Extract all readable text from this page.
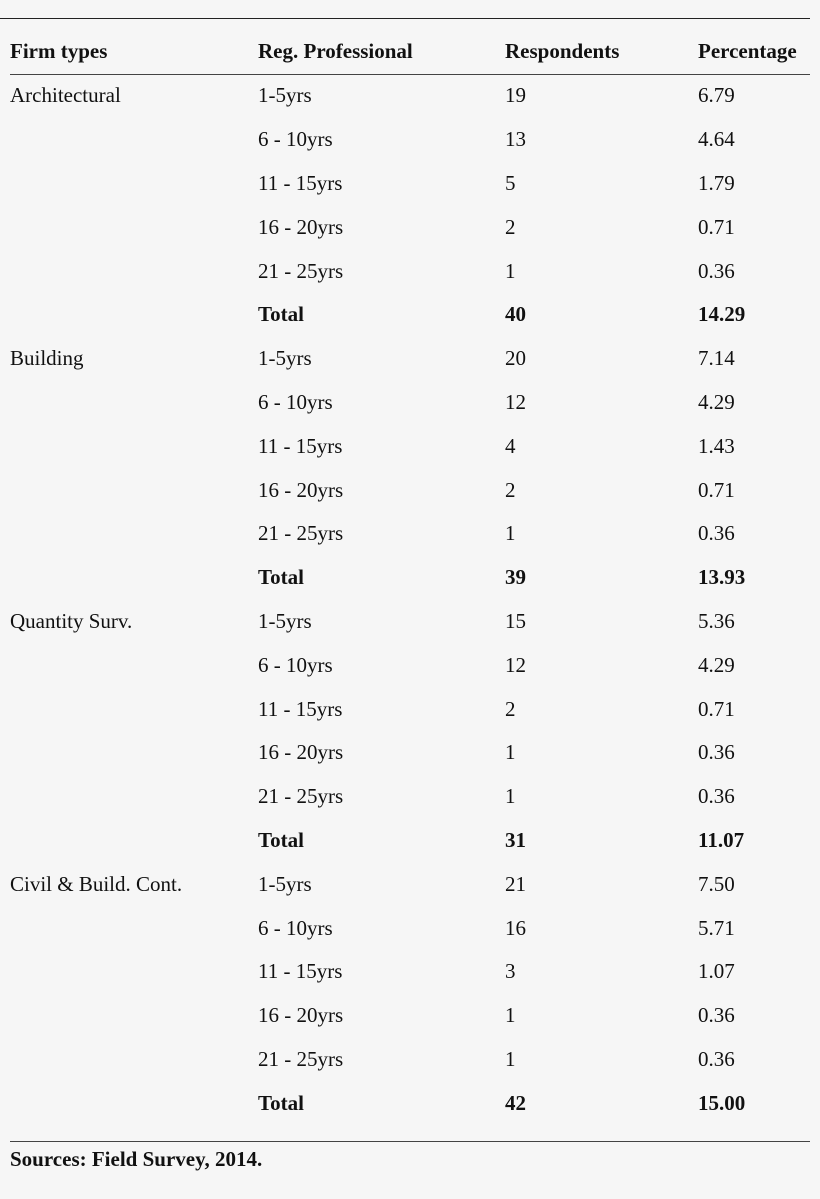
Firm types	Reg. Professional	Respondents	Percentage
Architectural	1-5yrs	19	6.79
	6 - 10yrs	13	4.64
	11 - 15yrs	5	1.79
	16 - 20yrs	2	0.71
	21 - 25yrs	1	0.36
	Total	40	14.29
Building	1-5yrs	20	7.14
	6 - 10yrs	12	4.29
	11 - 15yrs	4	1.43
	16 - 20yrs	2	0.71
	21 - 25yrs	1	0.36
	Total	39	13.93
Quantity Surv.	1-5yrs	15	5.36
	6 - 10yrs	12	4.29
	11 - 15yrs	2	0.71
	16 - 20yrs	1	0.36
	21 - 25yrs	1	0.36
	Total	31	11.07
Civil & Build. Cont.	1-5yrs	21	7.50
	6 - 10yrs	16	5.71
	11 - 15yrs	3	1.07
	16 - 20yrs	1	0.36
	21 - 25yrs	1	0.36
	Total	42	15.00
Sources: Field Survey, 2014.
